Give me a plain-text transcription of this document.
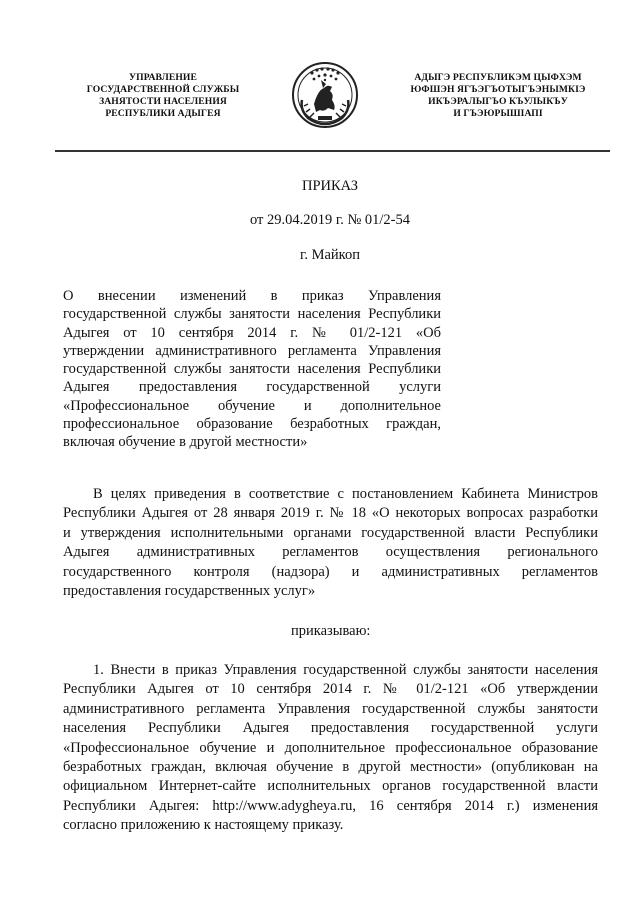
УПРАВЛЕНИЕ
ГОСУДАРСТВЕННОЙ СЛУЖБЫ
ЗАНЯТОСТИ НАСЕЛЕНИЯ
РЕСПУБЛИКИ АДЫГЕЯ
АДЫГЭ РЕСПУБЛИКЭМ ЦЫФХЭМ
ЮФШЭН ЯГЪЭГЪОТЫГЪЭНЫМКIЭ
ИКЪЭРАЛЫГЪО КЪУЛЫКЪУ
И ГЪЭЮРЫШIАПI
ПРИКАЗ
от 29.04.2019 г. № 01/2-54
г. Майкоп
О внесении изменений в приказ Управления
государственной службы занятости населения Республики
Адыгея от 10 сентября 2014 г. № 01/2-121 «Об
утверждении административного регламента Управления
государственной службы занятости населения Республики
Адыгея предоставления государственной услуги
«Профессиональное обучение и дополнительное
профессиональное образование безработных граждан,
включая обучение в другой местности»
В целях приведения в соответствие с постановлением Кабинета Министров
Республики Адыгея от 28 января 2019 г. № 18 «О некоторых вопросах разработки
и утверждения исполнительными органами государственной власти Республики
Адыгея административных регламентов осуществления регионального
государственного контроля (надзора) и административных регламентов
предоставления государственных услуг»
приказываю:
1. Внести в приказ Управления государственной службы занятости населения
Республики Адыгея от 10 сентября 2014 г. № 01/2-121 «Об утверждении
административного регламента Управления государственной службы занятости
населения Республики Адыгея предоставления государственной услуги
«Профессиональное обучение и дополнительное профессиональное образование
безработных граждан, включая обучение в другой местности» (опубликован на
официальном Интернет-сайте исполнительных органов государственной власти
Республики Адыгея: http://www.adygheya.ru, 16 сентября 2014 г.) изменения
согласно приложению к настоящему приказу.
